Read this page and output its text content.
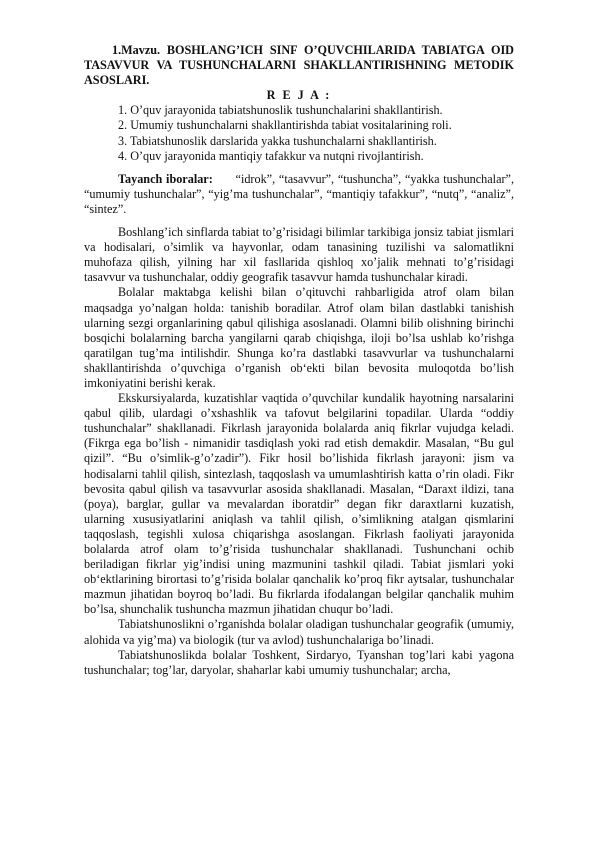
1.Mavzu. BOSHLANG’ICH SINF O’QUVCHILARIDA TABIATGA OID TASAVVUR VA TUSHUNCHALARNI SHAKLLANTIRISHNING METODIK ASOSLARI.

R E J A :

1. O’quv jarayonida tabiatshunoslik tushunchalarini shakllantirish.
2. Umumiy tushunchalarni shakllantirishda tabiat vositalarining roli.
3. Tabiatshunoslik darslarida yakka tushunchalarni shakllantirish.
4. O’quv jarayonida mantiqiy tafakkur va nutqni rivojlantirish.

Tayanch iboralar: “idrok”, “tasavvur”, “tushuncha”, “yakka tushunchalar”, “umumiy tushunchalar”, “yig’ma tushunchalar”, “mantiqiy tafakkur”, “nutq”, “analiz”, “sintez”.

Boshlang’ich sinflarda tabiat to’g’risidagi bilimlar tarkibiga jonsiz tabiat jismlari va hodisalari, o’simlik va hayvonlar, odam tanasining tuzilishi va salomatlikni muhofaza qilish, yilning har xil fasllarida qishloq xo’jalik mehnati to’g’risidagi tasavvur va tushunchalar, oddiy geografik tasavvur hamda tushunchalar kiradi.

Bolalar maktabga kelishi bilan o’qituvchi rahbarligida atrof olam bilan maqsadga yo’nalgan holda: tanishib boradilar. Atrof olam bilan dastlabki tanishish ularning sezgi organlarining qabul qilishiga asoslanadi. Olamni bilib olishning birinchi bosqichi bolalarning barcha yangilarni qarab chiqishga, iloji bo’lsa ushlab ko’rishga qaratilgan tug’ma intilishdir. Shunga ko’ra dastlabki tasavvurlar va tushunchalarni shakllantirishda o’quvchiga o’rganish ob‘ekti bilan bevosita muloqotda bo’lish imkoniyatini berishi kerak.

Ekskursiyalarda, kuzatishlar vaqtida o’quvchilar kundalik hayotning narsalarini qabul qilib, ulardagi o’xshashlik va tafovut belgilarini topadilar. Ularda “oddiy tushunchalar” shakllanadi. Fikrlash jarayonida bolalarda aniq fikrlar vujudga keladi. (Fikrga ega bo’lish - nimanidir tasdiqlash yoki rad etish demakdir. Masalan, “Bu gul qizil”. “Bu o’simlik-g’o’zadir”). Fikr hosil bo’lishida fikrlash jarayoni: jism va hodisalarni tahlil qilish, sintezlash, taqqoslash va umumlashtirish katta o’rin oladi. Fikr bevosita qabul qilish va tasavvurlar asosida shakllanadi. Masalan, “Daraxt ildizi, tana (poya), barglar, gullar va mevalardan iboratdir” degan fikr daraxtlarni kuzatish, ularning xususiyatlarini aniqlash va tahlil qilish, o’simlikning atalgan qismlarini taqqoslash, tegishli xulosa chiqarishga asoslangan. Fikrlash faoliyati jarayonida bolalarda atrof olam to’g’risida tushunchalar shakllanadi. Tushunchani ochib beriladigan fikrlar yig’indisi uning mazmunini tashkil qiladi. Tabiat jismlari yoki ob‘ektlarining birortasi to’g’risida bolalar qanchalik ko’proq fikr aytsalar, tushunchalar mazmun jihatidan boyroq bo’ladi. Bu fikrlarda ifodalangan belgilar qanchalik muhim bo’lsa, shunchalik tushuncha mazmun jihatidan chuqur bo’ladi.

Tabiatshunoslikni o’rganishda bolalar oladigan tushunchalar geografik (umumiy, alohida va yig’ma) va biologik (tur va avlod) tushunchalariga bo’linadi.

Tabiatshunoslikda bolalar Toshkent, Sirdaryo, Tyanshan tog’lari kabi yagona tushunchalar; tog’lar, daryolar, shaharlar kabi umumiy tushunchalar; archa,
